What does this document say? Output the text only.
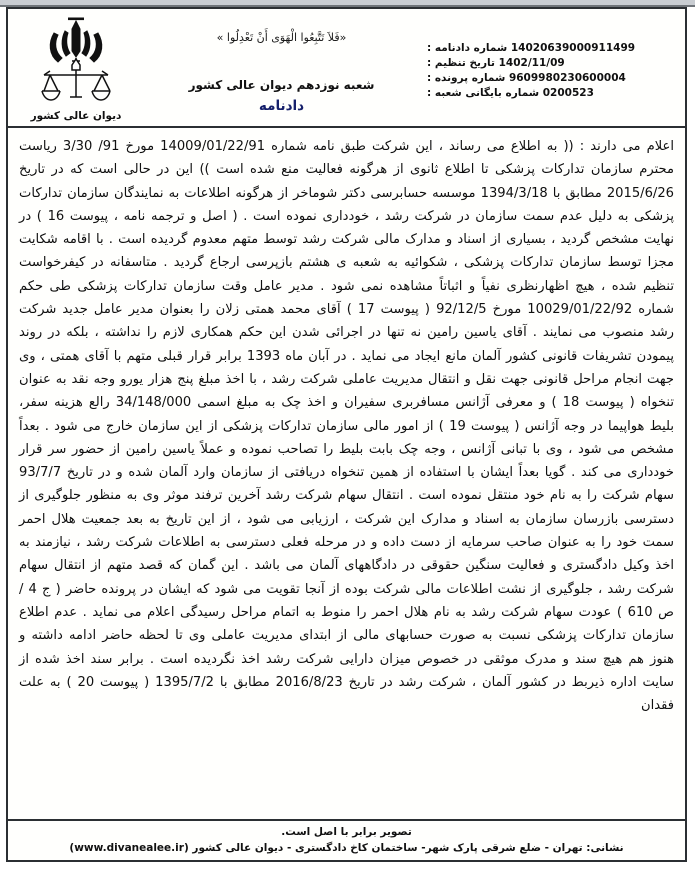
14020639000911499 شماره دادنامه :
1402/11/09 تاریخ تنظیم :
9609980230600004 شماره پرونده :
0200523 شماره بایگانی شعبه :
«فَلاَ تَتَّبِعُوا الْهَوَى أَنْ تَعْدِلُوا »
شعبه نوزدهم دیوان عالی کشور
دادنامه
دیوان عالی کشور
اعلام می دارند : (( به اطلاع می رساند ، این شرکت طبق نامه شماره 14009/01/22/91 مورخ 91/ 3/30 ریاست محترم سازمان تدارکات پزشکی تا اطلاع ثانوی از هرگونه فعالیت منع شده است )) این در حالی است که در تاریخ 2015/6/26 مطابق با 1394/3/18 موسسه حسابرسی دکتر شوماخر از هرگونه اطلاعات به نمایندگان سازمان تدارکات پزشکی به دلیل عدم سمت سازمان در شرکت رشد ، خودداری نموده است . ( اصل و ترجمه نامه ، پیوست 16 ) در نهایت مشخص گردید ، بسیاری از اسناد و مدارک مالی شرکت رشد توسط متهم معدوم گردیده است . با اقامه شکایت مجزا توسط سازمان تدارکات پزشکی ، شکوائیه به شعبه ی هشتم بازپرسی ارجاع گردید . متاسفانه در کیفرخواست تنظیم شده ، هیچ اظهارنظری نفیاً و اثباتاً مشاهده نمی شود . مدیر عامل وقت سازمان تدارکات پزشکی طی حکم شماره 10029/01/22/92 مورخ 92/12/5 ( پیوست 17 ) آقای محمد همتی زلان را بعنوان مدیر عامل جدید شرکت رشد منصوب می نمایند . آقای یاسین رامین نه تنها در اجرائی شدن این حکم همکاری لازم را نداشته ، بلکه در روند پیمودن تشریفات قانونی کشور آلمان مانع ایجاد می نماید . در آبان ماه 1393 برابر قرار قبلی متهم با آقای همتی ، وی جهت انجام مراحل قانونی جهت نقل و انتقال مدیریت عاملی شرکت رشد ، با اخذ مبلغ پنج هزار یورو وجه نقد به عنوان تنخواه ( پیوست 18 ) و معرفی آژانس مسافربری سفیران و اخذ چک به مبلغ اسمی 34/148/000 رالع هزینه سفر، بلیط هواپیما در وجه آژانس ( پیوست 19 ) از امور مالی سازمان تدارکات پزشکی از این سازمان خارج می شود . بعداً مشخص می شود ، وی با تبانی آژانس ، وجه چک بابت بلیط را تصاحب نموده و عملاً یاسین رامین از حضور سر قرار خودداری می کند . گویا بعداً ایشان با استفاده از همین تنخواه دریافتی از سازمان وارد آلمان شده و در تاریخ 93/7/7 سهام شرکت را به نام خود منتقل نموده است . انتقال سهام شرکت رشد آخرین ترفند موثر وی به منظور جلوگیری از دسترسی بازرسان سازمان به اسناد و مدارک این شرکت ، ارزیابی می شود ، از این تاریخ به بعد جمعیت هلال احمر سمت خود را به عنوان صاحب سرمایه از دست داده و در مرحله فعلی دسترسی به اطلاعات شرکت رشد ، نیازمند به اخذ وکیل دادگستری و فعالیت سنگین حقوقی در دادگاههای آلمان می باشد . این گمان که قصد متهم از انتقال سهام شرکت رشد ، جلوگیری از نشت اطلاعات مالی شرکت بوده از آنجا تقویت می شود که ایشان در پرونده حاضر ( ج 4 / ص 610 ) عودت سهام شرکت رشد به نام هلال احمر را منوط به اتمام مراحل رسیدگی اعلام می نماید . عدم اطلاع سازمان تدارکات پزشکی نسبت به صورت حسابهای مالی از ابتدای مدیریت عاملی وی تا لحظه حاضر ادامه داشته و هنوز هم هیچ سند و مدرک موثقی در خصوص میزان دارایی شرکت رشد اخذ نگردیده است . برابر سند اخذ شده از سایت اداره ذیربط در کشور آلمان ، شرکت رشد در تاریخ 2016/8/23 مطابق با 1395/7/2 ( پیوست 20 ) به علت فقدان
تصویر برابر با اصل است.
نشانی: تهران - ضلع شرقی پارک شهر- ساختمان کاخ دادگستری - دیوان عالی کشور (www.divanealee.ir)
